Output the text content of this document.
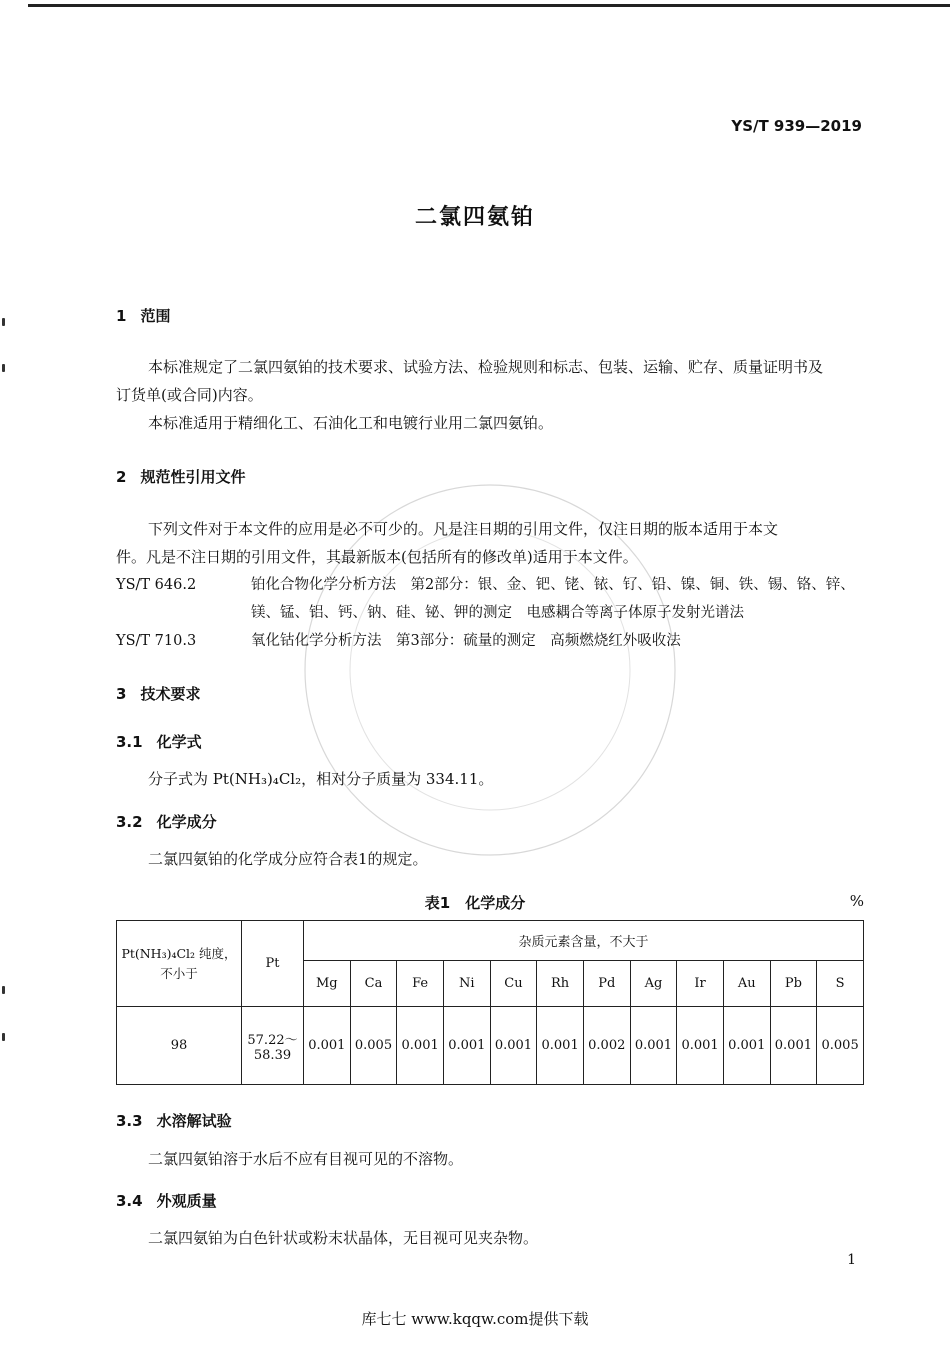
YS/T 939—2019
二氯四氨铂
1 范围
本标准规定了二氯四氨铂的技术要求、试验方法、检验规则和标志、包装、运输、贮存、质量证明书及
订货单(或合同)内容。
本标准适用于精细化工、石油化工和电镀行业用二氯四氨铂。
2 规范性引用文件
下列文件对于本文件的应用是必不可少的。凡是注日期的引用文件，仅注日期的版本适用于本文
件。凡是不注日期的引用文件，其最新版本(包括所有的修改单)适用于本文件。
YS/T 646.2	铂化合物化学分析方法　第2部分：银、金、钯、铑、铱、钌、铅、镍、铜、铁、锡、铬、锌、
镁、锰、铝、钙、钠、硅、铋、钾的测定　电感耦合等离子体原子发射光谱法
YS/T 710.3	氧化钴化学分析方法　第3部分：硫量的测定　高频燃烧红外吸收法
3 技术要求
3.1 化学式
分子式为 Pt(NH₃)₄Cl₂，相对分子质量为 334.11。
3.2 化学成分
二氯四氨铂的化学成分应符合表1的规定。
表1　化学成分	%
Pt(NH₃)₄Cl₂ 纯度，不小于	Pt	杂质元素含量，不大于											
		Mg	Ca	Fe	Ni	Cu	Rh	Pd	Ag	Ir	Au	Pb	S
98	57.22～
58.39	0.001	0.005	0.001	0.001	0.001	0.001	0.002	0.001	0.001	0.001	0.001	0.005
3.3 水溶解试验
二氯四氨铂溶于水后不应有目视可见的不溶物。
3.4 外观质量
二氯四氨铂为白色针状或粉末状晶体，无目视可见夹杂物。
1
库七七 www.kqqw.com提供下载
